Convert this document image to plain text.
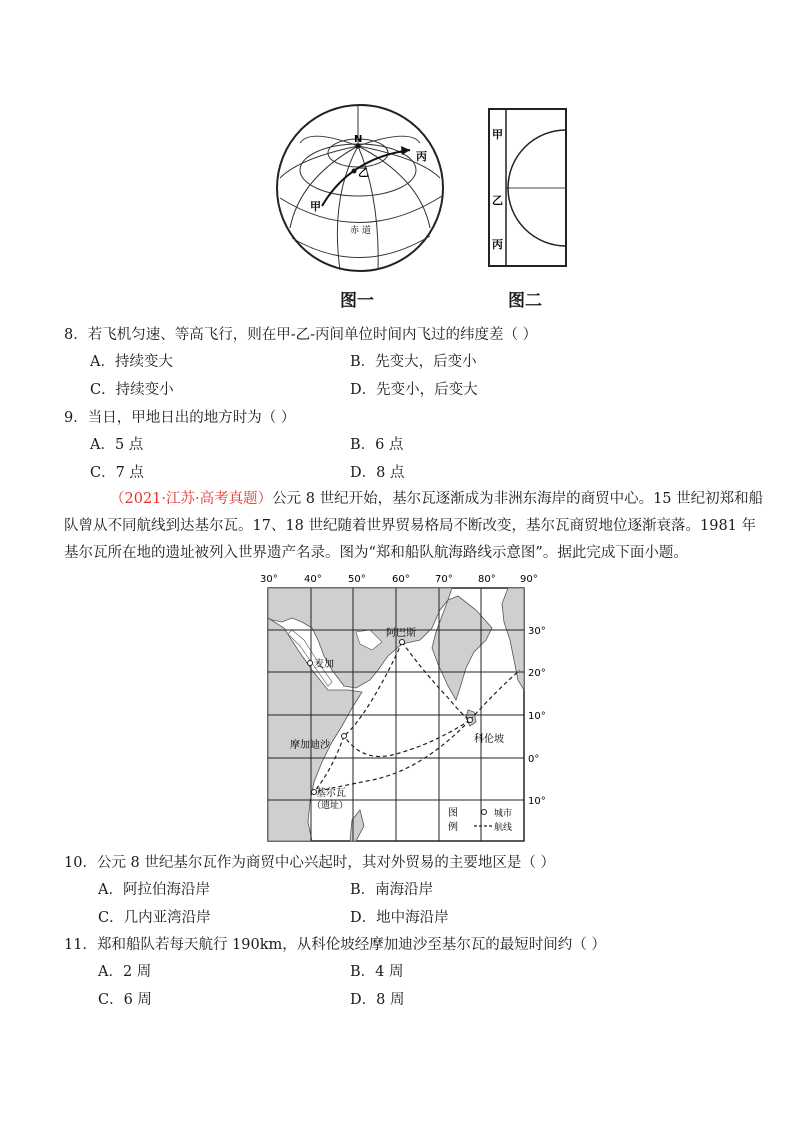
N
甲
乙
丙
赤 道
图一
甲
乙
丙
图二
8．若飞机匀速、等高飞行，则在甲-乙-丙间单位时间内飞过的纬度差（ ）
A．持续变大	B．先变大，后变小
C．持续变小	D．先变小，后变大
9．当日，甲地日出的地方时为（ ）
A．5 点	B．6 点
C．7 点	D．8 点
（2021·江苏·高考真题）公元 8 世纪开始，基尔瓦逐渐成为非洲东海岸的商贸中心。15 世纪初郑和船
队曾从不同航线到达基尔瓦。17、18 世纪随着世界贸易格局不断改变，基尔瓦商贸地位逐渐衰落。1981 年
基尔瓦所在地的遗址被列入世界遗产名录。图为“郑和船队航海路线示意图”。据此完成下面小题。
30°	40°	50°	60°	70°	80° 90°
30°
20°
10°
0°
10°
阿巴斯
麦加
摩加迪沙
科伦坡
基尔瓦
（遗址）
图
例
城市
航线
10．公元 8 世纪基尔瓦作为商贸中心兴起时，其对外贸易的主要地区是（ ）
A．阿拉伯海沿岸	B．南海沿岸
C．几内亚湾沿岸	D．地中海沿岸
11．郑和船队若每天航行 190km，从科伦坡经摩加迪沙至基尔瓦的最短时间约（ ）
A．2 周	B．4 周
C．6 周	D．8 周
